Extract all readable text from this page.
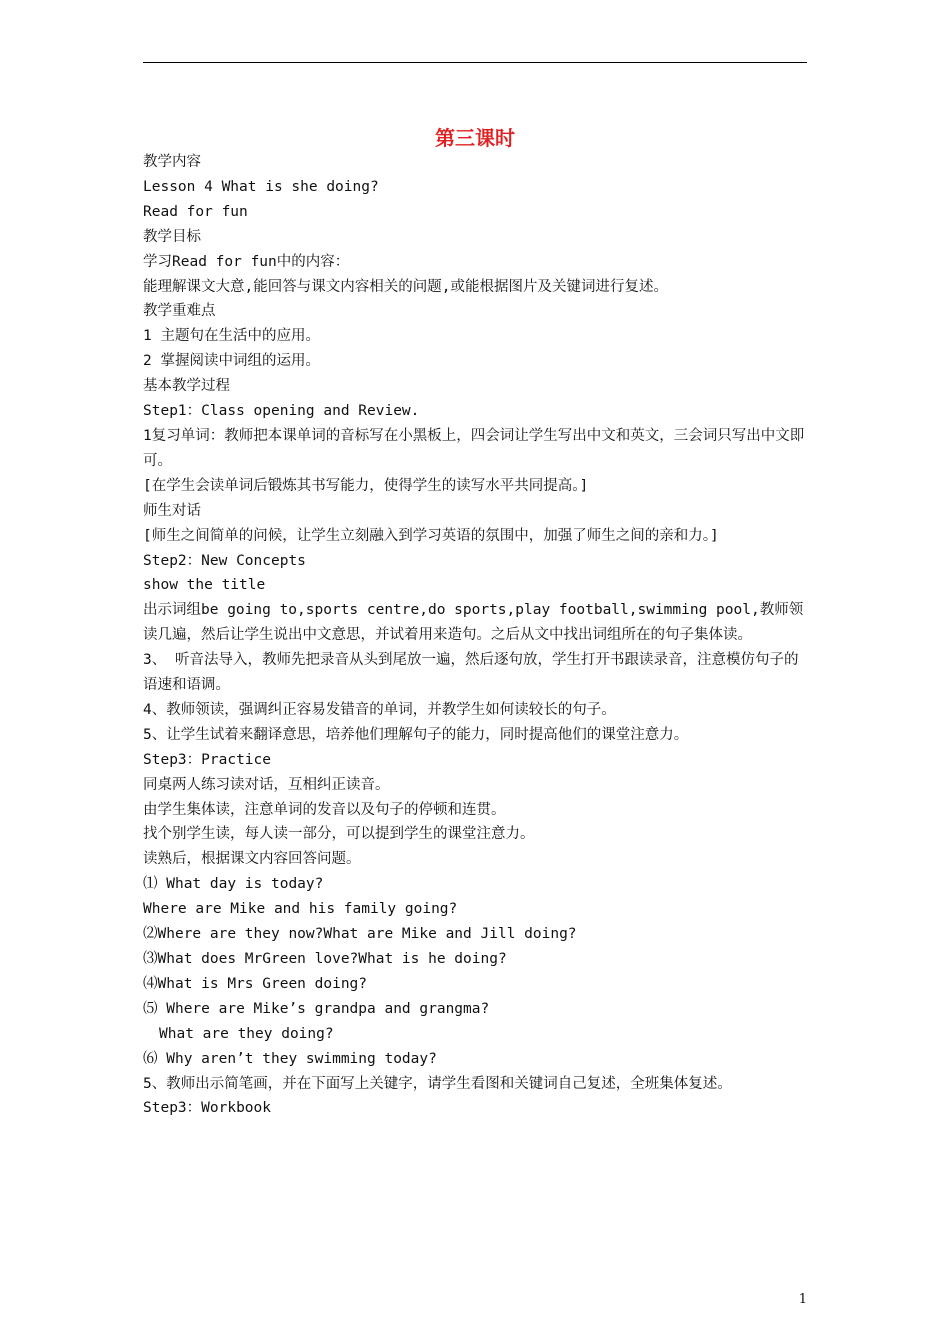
第三课时

教学内容

Lesson 4 What is she doing?

Read for fun

教学目标

学习Read for fun中的内容：

能理解课文大意,能回答与课文内容相关的问题,或能根据图片及关键词进行复述。

教学重难点

1 主题句在生活中的应用。

2 掌握阅读中词组的运用。

基本教学过程

Step1：Class opening and Review.

1复习单词：教师把本课单词的音标写在小黑板上，四会词让学生写出中文和英文，三会词只写出中文即可。

[在学生会读单词后锻炼其书写能力，使得学生的读写水平共同提高。]

师生对话

[师生之间简单的问候，让学生立刻融入到学习英语的氛围中，加强了师生之间的亲和力。]

Step2：New Concepts

show the title

出示词组be going to,sports centre,do sports,play football,swimming pool,教师领读几遍，然后让学生说出中文意思，并试着用来造句。之后从文中找出词组所在的句子集体读。

3、 听音法导入，教师先把录音从头到尾放一遍，然后逐句放，学生打开书跟读录音，注意模仿句子的语速和语调。

4、教师领读，强调纠正容易发错音的单词，并教学生如何读较长的句子。

5、让学生试着来翻译意思，培养他们理解句子的能力，同时提高他们的课堂注意力。

Step3：Practice

同桌两人练习读对话，互相纠正读音。

由学生集体读，注意单词的发音以及句子的停顿和连贯。

找个别学生读，每人读一部分，可以提到学生的课堂注意力。

读熟后，根据课文内容回答问题。

⑴ What day is today?

Where are Mike and his family going?

⑵Where are they now?What are Mike and Jill doing?

⑶What does MrGreen love?What is he doing?

⑷What is Mrs Green doing?

⑸ Where are Mike’s grandpa and grangma?

What are they doing?

⑹ Why aren’t they swimming today?

5、教师出示简笔画，并在下面写上关键字，请学生看图和关键词自己复述，全班集体复述。

Step3：Workbook

1
